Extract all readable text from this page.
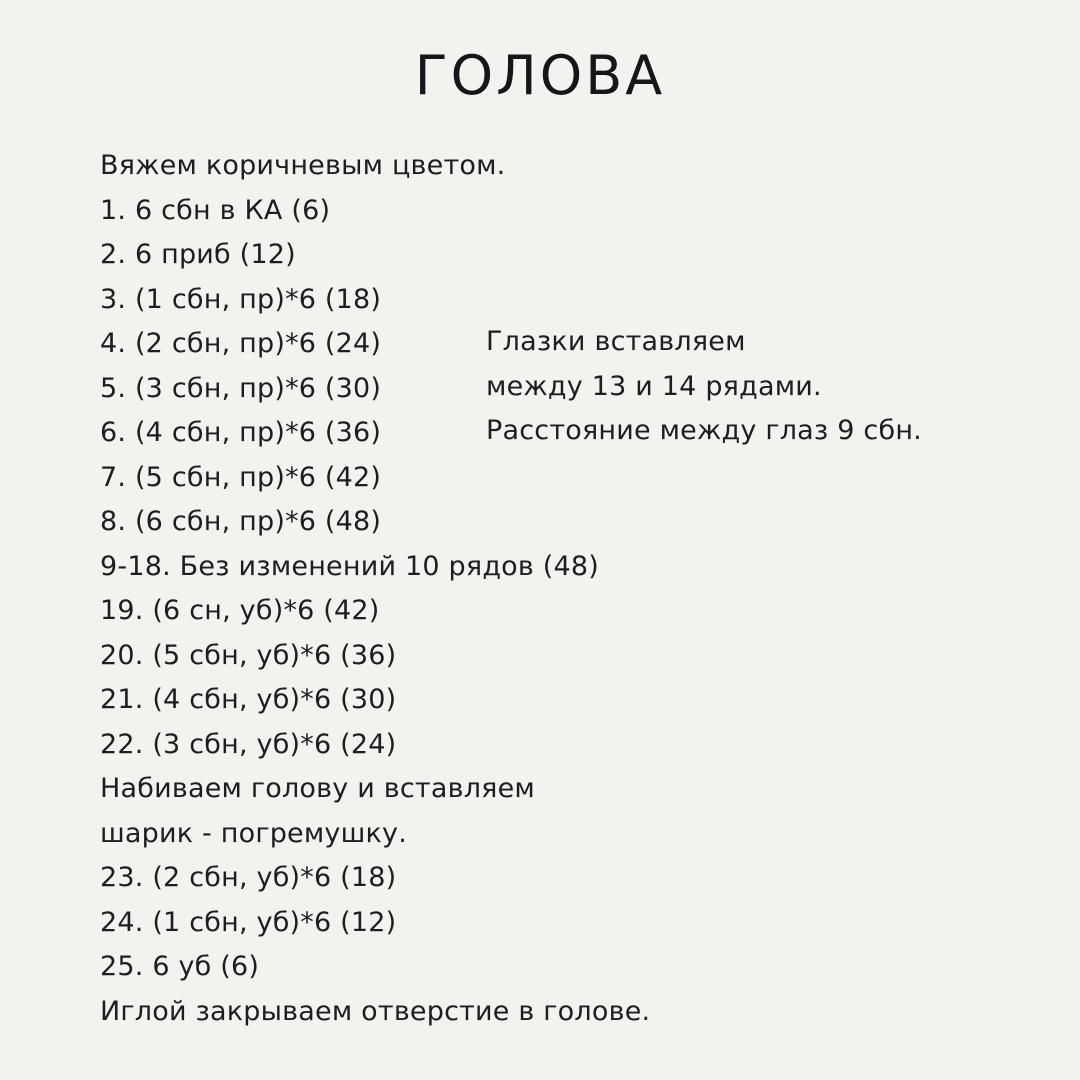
ГОЛОВА
Вяжем коричневым цветом.
1. 6 сбн в КА (6)
2. 6 приб (12)
3. (1 сбн, пр)*6 (18)
4. (2 сбн, пр)*6 (24)
5. (3 сбн, пр)*6 (30)
6. (4 сбн, пр)*6 (36)
7. (5 сбн, пр)*6 (42)
8. (6 сбн, пр)*6 (48)
9-18. Без изменений 10 рядов (48)
19. (6 сн, уб)*6 (42)
20. (5 сбн, уб)*6 (36)
21. (4 сбн, уб)*6 (30)
22. (3 сбн, уб)*6 (24)
Набиваем голову и вставляем
шарик - погремушку.
23. (2 сбн, уб)*6 (18)
24. (1 сбн, уб)*6 (12)
25. 6 уб (6)
Иглой закрываем отверстие в голове.
Глазки вставляем
между 13 и 14 рядами.
Расстояние между глаз 9 сбн.
